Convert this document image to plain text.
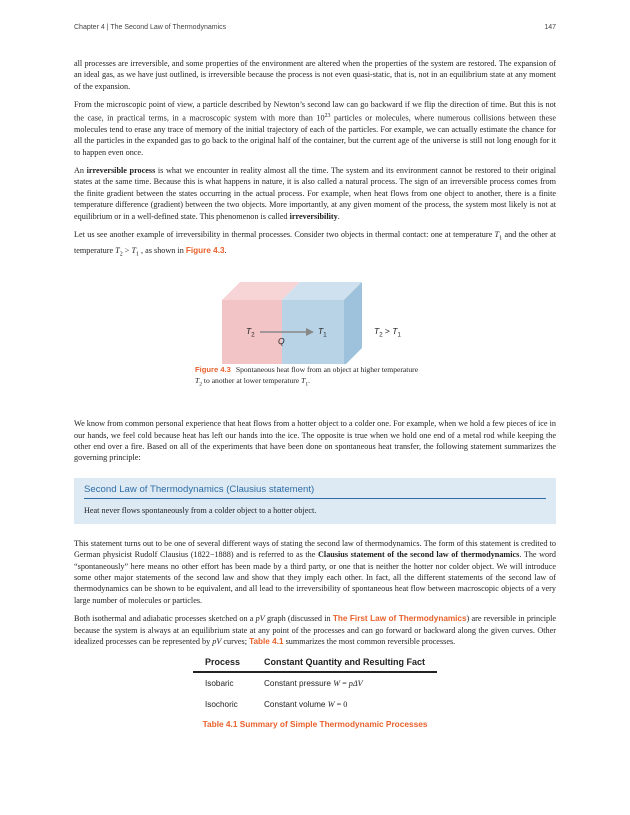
Chapter 4 | The Second Law of Thermodynamics	147

all processes are irreversible, and some properties of the environment are altered when the properties of the system are restored. The expansion of an ideal gas, as we have just outlined, is irreversible because the process is not even quasi-static, that is, not in an equilibrium state at any moment of the expansion.

From the microscopic point of view, a particle described by Newton’s second law can go backward if we flip the direction of time. But this is not the case, in practical terms, in a macroscopic system with more than $10^{23}$ particles or molecules, where numerous collisions between these molecules tend to erase any trace of memory of the initial trajectory of each of the particles. For example, we can actually estimate the chance for all the particles in the expanded gas to go back to the original half of the container, but the current age of the universe is still not long enough for it to happen even once.

An irreversible process is what we encounter in reality almost all the time. The system and its environment cannot be restored to their original states at the same time. Because this is what happens in nature, it is also called a natural process. The sign of an irreversible process comes from the finite gradient between the states occurring in the actual process. For example, when heat flows from one object to another, there is a finite temperature difference (gradient) between the two objects. More importantly, at any given moment of the process, the system most likely is not at equilibrium or in a well-defined state. This phenomenon is called irreversibility.

Let us see another example of irreversibility in thermal processes. Consider two objects in thermal contact: one at temperature $T_1$ and the other at temperature $T_2 > T_1$ , as shown in Figure 4.3.

$T_2$
Q
$T_1$	$T_2 > T_1$
Figure 4.3 Spontaneous heat flow from an object at higher temperature $T_2$ to another at lower temperature $T_1$.

We know from common personal experience that heat flows from a hotter object to a colder one. For example, when we hold a few pieces of ice in our hands, we feel cold because heat has left our hands into the ice. The opposite is true when we hold one end of a metal rod while keeping the other end over a fire. Based on all of the experiments that have been done on spontaneous heat transfer, the following statement summarizes the governing principle:

Second Law of Thermodynamics (Clausius statement)
Heat never flows spontaneously from a colder object to a hotter object.

This statement turns out to be one of several different ways of stating the second law of thermodynamics. The form of this statement is credited to German physicist Rudolf Clausius (1822−1888) and is referred to as the Clausius statement of the second law of thermodynamics. The word “spontaneously” here means no other effort has been made by a third party, or one that is neither the hotter nor colder object. We will introduce some other major statements of the second law and show that they imply each other. In fact, all the different statements of the second law of thermodynamics can be shown to be equivalent, and all lead to the irreversibility of spontaneous heat flow between macroscopic objects of a very large number of molecules or particles.

Both isothermal and adiabatic processes sketched on a pV graph (discussed in The First Law of Thermodynamics) are reversible in principle because the system is always at an equilibrium state at any point of the processes and can go forward or backward along the given curves. Other idealized processes can be represented by pV curves; Table 4.1 summarizes the most common reversible processes.

Process	Constant Quantity and Resulting Fact
Isobaric	Constant pressure W = pΔV
Isochoric	Constant volume W = 0
Table 4.1 Summary of Simple Thermodynamic Processes
